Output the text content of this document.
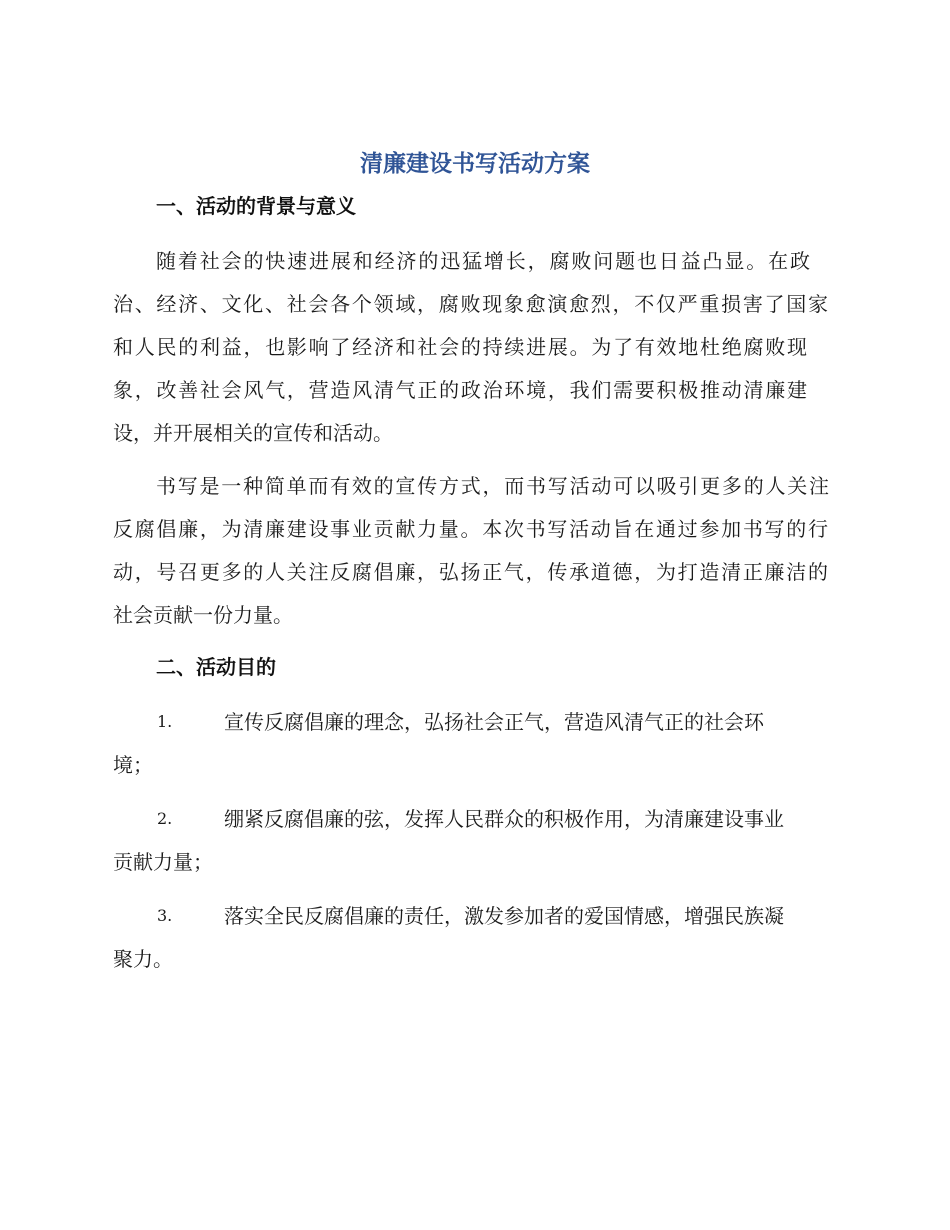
清廉建设书写活动方案
一、活动的背景与意义

随着社会的快速进展和经济的迅猛增长，腐败问题也日益凸显。在政

治、经济、文化、社会各个领域，腐败现象愈演愈烈，不仅严重损害了国家

和人民的利益，也影响了经济和社会的持续进展。为了有效地杜绝腐败现

象，改善社会风气，营造风清气正的政治环境，我们需要积极推动清廉建

设，并开展相关的宣传和活动。

书写是一种简单而有效的宣传方式，而书写活动可以吸引更多的人关注

反腐倡廉，为清廉建设事业贡献力量。本次书写活动旨在通过参加书写的行

动，号召更多的人关注反腐倡廉，弘扬正气，传承道德，为打造清正廉洁的

社会贡献一份力量。

二、活动目的
1.	宣传反腐倡廉的理念，弘扬社会正气，营造风清气正的社会环

境；

2.	绷紧反腐倡廉的弦，发挥人民群众的积极作用，为清廉建设事业

贡献力量；

3.	落实全民反腐倡廉的责任，激发参加者的爱国情感，增强民族凝

聚力。
